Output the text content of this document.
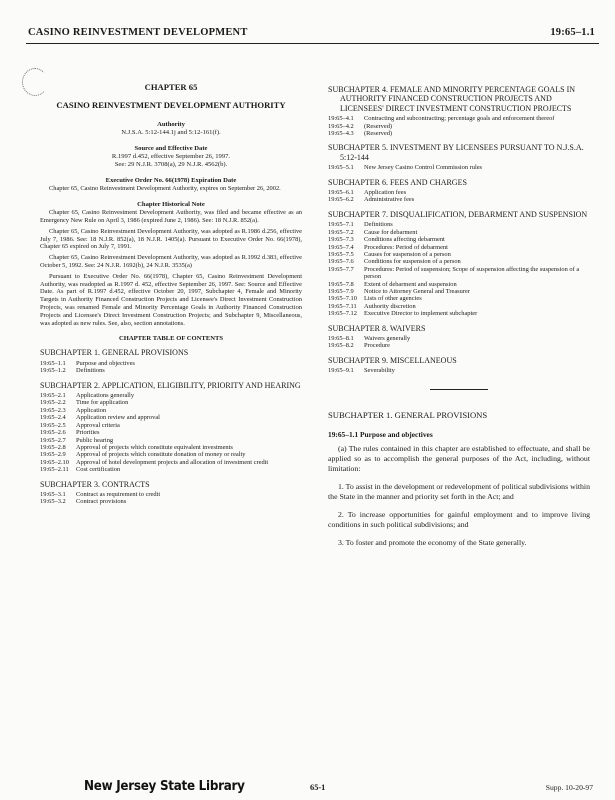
CASINO REINVESTMENT DEVELOPMENT	19:65–1.1
CHAPTER 65
CASINO REINVESTMENT DEVELOPMENT AUTHORITY
Authority
N.J.S.A. 5:12-144.1j and 5:12-161(f).
Source and Effective Date
R.1997 d.452, effective September 26, 1997.
See: 29 N.J.R. 3708(a), 29 N.J.R. 4562(b).
Executive Order No. 66(1978) Expiration Date
Chapter 65, Casino Reinvestment Development Authority, expires on September 26, 2002.
Chapter Historical Note
Chapter 65, Casino Reinvestment Development Authority, was filed and became effective as an Emergency New Rule on April 3, 1986 (expired June 2, 1986). See: 18 N.J.R. 852(a).
Chapter 65, Casino Reinvestment Development Authority, was adopted as R.1986 d.256, effective July 7, 1986. See: 18 N.J.R. 852(a), 18 N.J.R. 1405(a). Pursuant to Executive Order No. 66(1978), Chapter 65 expired on July 7, 1991.
Chapter 65, Casino Reinvestment Development Authority, was adopted as R.1992 d.383, effective October 5, 1992. See: 24 N.J.R. 1692(b), 24 N.J.R. 3535(a)
Pursuant to Executive Order No. 66(1978), Chapter 65, Casino Reinvestment Development Authority, was readopted as R.1997 d. 452, effective September 26, 1997. See: Source and Effective Date. As part of R.1997 d.452, effective October 20, 1997, Subchapter 4, Female and Minority Targets in Authority Financed Construction Projects and Licensee's Direct Investment Construction Projects, was renamed Female and Minority Percentage Goals in Authority Financed Construction Projects and Licensee's Direct Investment Construction Projects; and Subchapter 9, Miscellaneous, was adopted as new rules. See, also, section annotations.
CHAPTER TABLE OF CONTENTS
SUBCHAPTER 1. GENERAL PROVISIONS
19:65–1.1	Purpose and objectives
19:65–1.2	Definitions
SUBCHAPTER 2. APPLICATION, ELIGIBILITY, PRIORITY AND HEARING
19:65–2.1	Applications generally
19:65–2.2	Time for application
19:65–2.3	Application
19:65–2.4	Application review and approval
19:65–2.5	Approval criteria
19:65–2.6	Priorities
19:65–2.7	Public hearing
19:65–2.8	Approval of projects which constitute equivalent investments
19:65–2.9	Approval of projects which constitute donation of money or realty
19:65–2.10	Approval of hotel development projects and allocation of investment credit
19:65–2.11	Cost certification
SUBCHAPTER 3. CONTRACTS
19:65–3.1	Contract as requirement to credit
19:65–3.2	Contract provisions
SUBCHAPTER 4. FEMALE AND MINORITY PERCENTAGE GOALS IN AUTHORITY FINANCED CONSTRUCTION PROJECTS AND LICENSEES' DIRECT INVESTMENT CONSTRUCTION PROJECTS
19:65–4.1	Contracting and subcontracting; percentage goals and enforcement thereof
19:65–4.2	(Reserved)
19:65–4.3	(Reserved)
SUBCHAPTER 5. INVESTMENT BY LICENSEES PURSUANT TO N.J.S.A. 5:12-144
19:65–5.1	New Jersey Casino Control Commission rules
SUBCHAPTER 6. FEES AND CHARGES
19:65–6.1	Application fees
19:65–6.2	Administrative fees
SUBCHAPTER 7. DISQUALIFICATION, DEBARMENT AND SUSPENSION
19:65–7.1	Definitions
19:65–7.2	Cause for debarment
19:65–7.3	Conditions affecting debarment
19:65–7.4	Procedures: Period of debarment
19:65–7.5	Causes for suspension of a person
19:65–7.6	Conditions for suspension of a person
19:65–7.7	Procedures: Period of suspension; Scope of suspension affecting the suspension of a person
19:65–7.8	Extent of debarment and suspension
19:65–7.9	Notice to Attorney General and Treasurer
19:65–7.10	Lists of other agencies
19:65–7.11	Authority discretion
19:65–7.12	Executive Director to implement subchapter
SUBCHAPTER 8. WAIVERS
19:65–8.1	Waivers generally
19:65–8.2	Procedure
SUBCHAPTER 9. MISCELLANEOUS
19:65–9.1	Severability
SUBCHAPTER 1. GENERAL PROVISIONS
19:65–1.1 Purpose and objectives
(a) The rules contained in this chapter are established to effectuate, and shall be applied so as to accomplish the general purposes of the Act, including, without limitation:
1. To assist in the development or redevelopment of political subdivisions within the State in the manner and priority set forth in the Act; and
2. To increase opportunities for gainful employment and to improve living conditions in such political subdivisions; and
3. To foster and promote the economy of the State generally.
New Jersey State Library	65-1	Supp. 10-20-97
